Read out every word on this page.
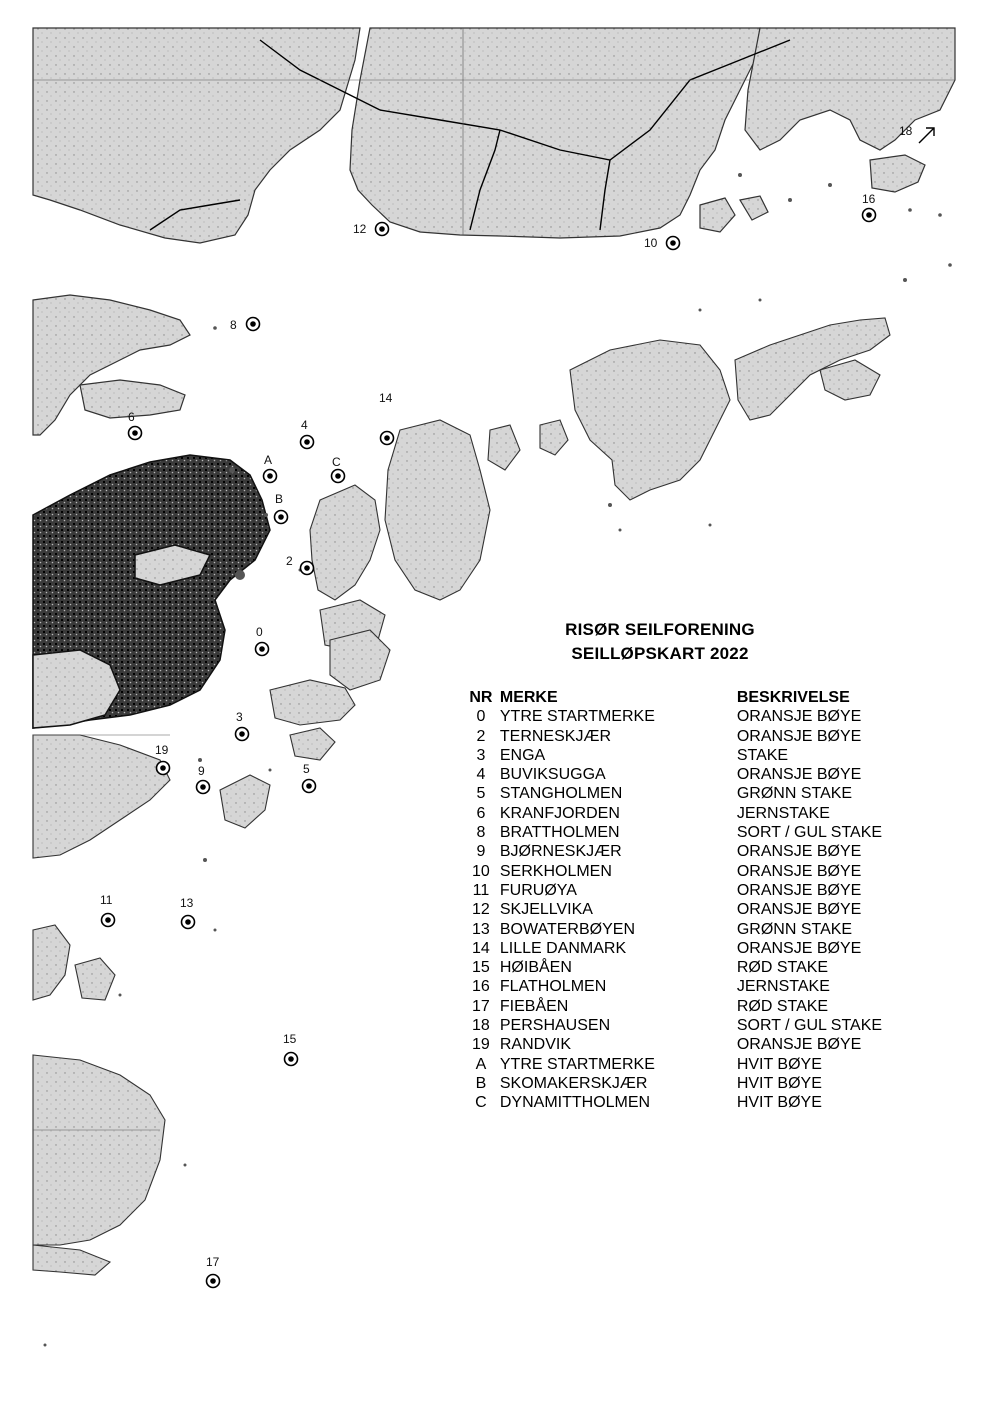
12
10
16
18
8
6
4
14
A	C
B
2
0
3
19
9	5
11	13
15
17
RISØR SEILFORENING
SEILLØPSKART 2022
NR MERKE	BESKRIVELSE
0 YTRE STARTMERKE	ORANSJE BØYE
2 TERNESKJÆR	ORANSJE BØYE
3 ENGA	STAKE
4 BUVIKSUGGA	ORANSJE BØYE
5 STANGHOLMEN	GRØNN STAKE
6 KRANFJORDEN	JERNSTAKE
8 BRATTHOLMEN	SORT / GUL STAKE
9 BJØRNESKJÆR	ORANSJE BØYE
10 SERKHOLMEN	ORANSJE BØYE
11 FURUØYA	ORANSJE BØYE
12 SKJELLVIKA	ORANSJE BØYE
13 BOWATERBØYEN	GRØNN STAKE
14 LILLE DANMARK	ORANSJE BØYE
15 HØIBÅEN	RØD STAKE
16 FLATHOLMEN	JERNSTAKE
17 FIEBÅEN	RØD STAKE
18 PERSHAUSEN	SORT / GUL STAKE
19 RANDVIK	ORANSJE BØYE
A YTRE STARTMERKE	HVIT BØYE
B SKOMAKERSKJÆR	HVIT BØYE
C DYNAMITTHOLMEN	HVIT BØYE
